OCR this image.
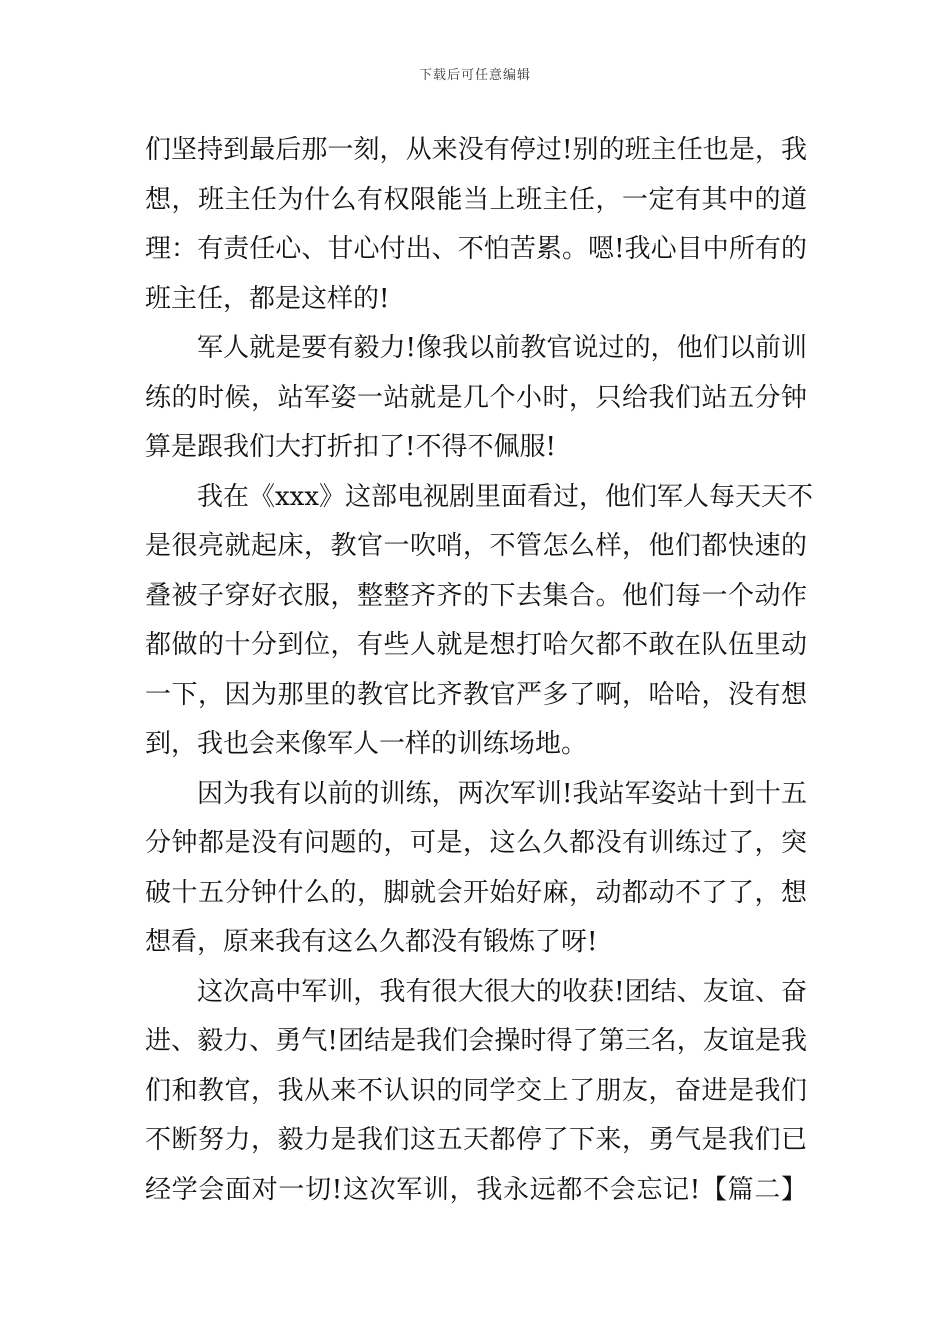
下载后可任意编辑
们坚持到最后那一刻，从来没有停过!别的班主任也是，我
想，班主任为什么有权限能当上班主任，一定有其中的道
理：有责任心、甘心付出、不怕苦累。嗯!我心目中所有的
班主任，都是这样的!
军人就是要有毅力!像我以前教官说过的，他们以前训
练的时候，站军姿一站就是几个小时，只给我们站五分钟
算是跟我们大打折扣了!不得不佩服!
我在《xxx》这部电视剧里面看过，他们军人每天天不
是很亮就起床，教官一吹哨，不管怎么样，他们都快速的
叠被子穿好衣服，整整齐齐的下去集合。他们每一个动作
都做的十分到位，有些人就是想打哈欠都不敢在队伍里动
一下，因为那里的教官比齐教官严多了啊，哈哈，没有想
到，我也会来像军人一样的训练场地。
因为我有以前的训练，两次军训!我站军姿站十到十五
分钟都是没有问题的，可是，这么久都没有训练过了，突
破十五分钟什么的，脚就会开始好麻，动都动不了了，想
想看，原来我有这么久都没有锻炼了呀!
这次高中军训，我有很大很大的收获!团结、友谊、奋
进、毅力、勇气!团结是我们会操时得了第三名，友谊是我
们和教官，我从来不认识的同学交上了朋友，奋进是我们
不断努力，毅力是我们这五天都停了下来，勇气是我们已
经学会面对一切!这次军训，我永远都不会忘记!【篇二】
